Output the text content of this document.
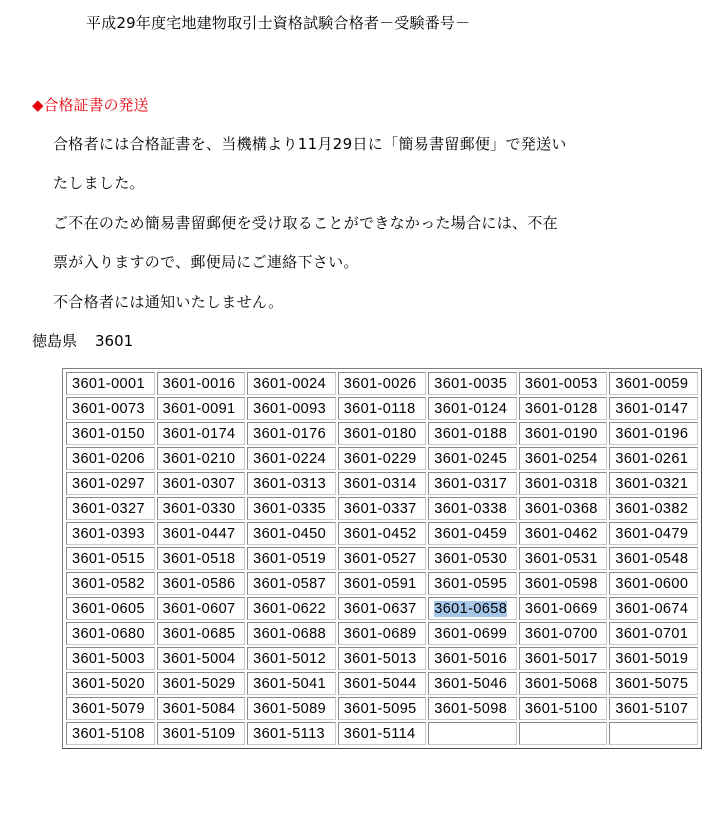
平成29年度宅地建物取引士資格試験合格者－受験番号－
◆合格証書の発送
合格者には合格証書を、当機構より11月29日に「簡易書留郵便」で発送い
たしました。
ご不在のため簡易書留郵便を受け取ることができなかった場合には、不在
票が入りますので、郵便局にご連絡下さい。
不合格者には通知いたしません。
徳島県 3601
3601-0001	3601-0016	3601-0024	3601-0026	3601-0035	3601-0053	3601-0059
3601-0073	3601-0091	3601-0093	3601-0118	3601-0124	3601-0128	3601-0147
3601-0150	3601-0174	3601-0176	3601-0180	3601-0188	3601-0190	3601-0196
3601-0206	3601-0210	3601-0224	3601-0229	3601-0245	3601-0254	3601-0261
3601-0297	3601-0307	3601-0313	3601-0314	3601-0317	3601-0318	3601-0321
3601-0327	3601-0330	3601-0335	3601-0337	3601-0338	3601-0368	3601-0382
3601-0393	3601-0447	3601-0450	3601-0452	3601-0459	3601-0462	3601-0479
3601-0515	3601-0518	3601-0519	3601-0527	3601-0530	3601-0531	3601-0548
3601-0582	3601-0586	3601-0587	3601-0591	3601-0595	3601-0598	3601-0600
3601-0605	3601-0607	3601-0622	3601-0637	3601-0658	3601-0669	3601-0674
3601-0680	3601-0685	3601-0688	3601-0689	3601-0699	3601-0700	3601-0701
3601-5003	3601-5004	3601-5012	3601-5013	3601-5016	3601-5017	3601-5019
3601-5020	3601-5029	3601-5041	3601-5044	3601-5046	3601-5068	3601-5075
3601-5079	3601-5084	3601-5089	3601-5095	3601-5098	3601-5100	3601-5107
3601-5108	3601-5109	3601-5113	3601-5114			
